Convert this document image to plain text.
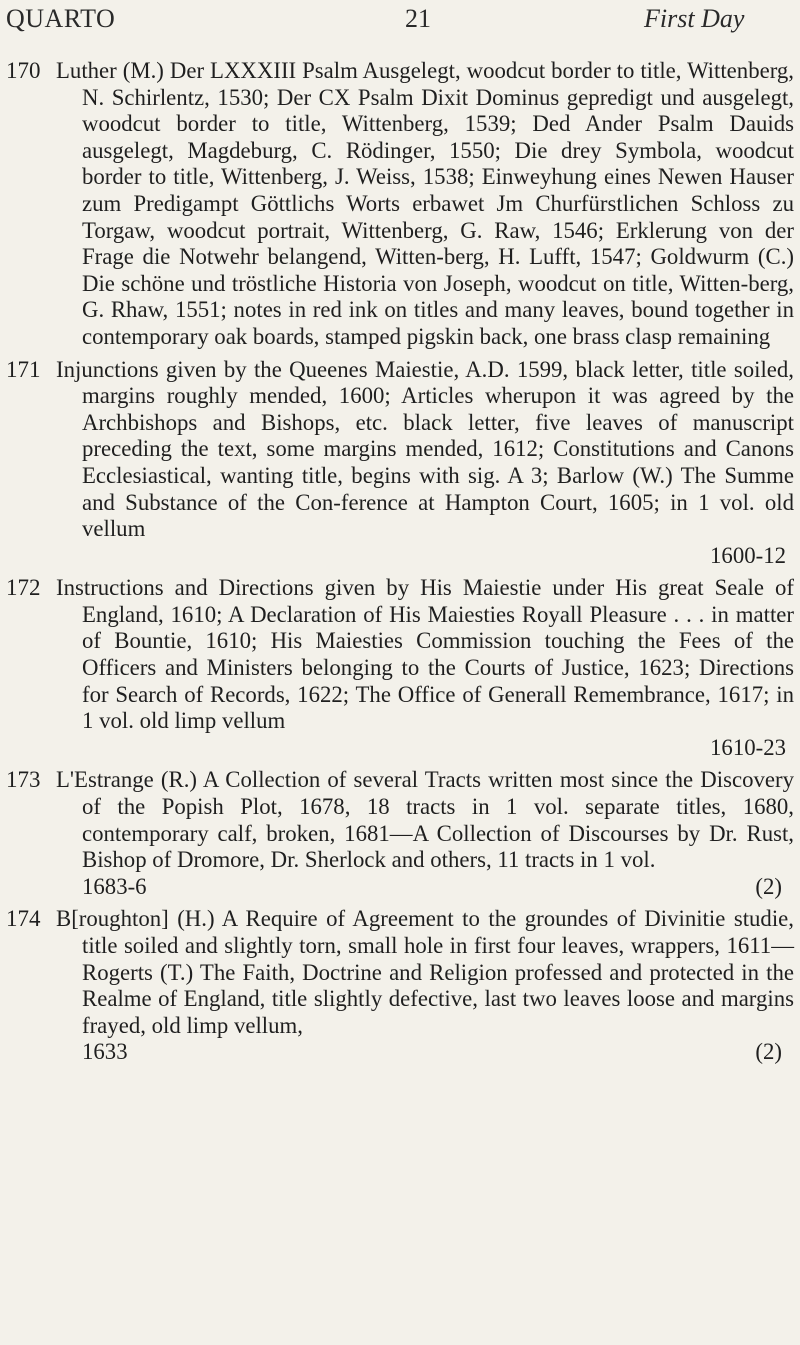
QUARTO	21	First Day
170 Luther (M.) Der LXXXIII Psalm Ausgelegt, woodcut border to title, Wittenberg, N. Schirlentz, 1530; Der CX Psalm Dixit Dominus gepredigt und ausgelegt, woodcut border to title, Wittenberg, 1539; Ded Ander Psalm Dauids ausgelegt, Magdeburg, C. Rödinger, 1550; Die drey Symbola, woodcut border to title, Wittenberg, J. Weiss, 1538; Einweyhung eines Newen Hauser zum Predigampt Göttlichs Worts erbawet Jm Churfürstlichen Schloss zu Torgaw, woodcut portrait, Wittenberg, G. Raw, 1546; Erklerung von der Frage die Notwehr belangend, Witten-berg, H. Lufft, 1547; Goldwurm (C.) Die schöne und tröstliche Historia von Joseph, woodcut on title, Witten-berg, G. Rhaw, 1551; notes in red ink on titles and many leaves, bound together in contemporary oak boards, stamped pigskin back, one brass clasp remaining
171 Injunctions given by the Queenes Maiestie, A.D. 1599, black letter, title soiled, margins roughly mended, 1600; Articles wherupon it was agreed by the Archbishops and Bishops, etc. black letter, five leaves of manuscript preceding the text, some margins mended, 1612; Constitutions and Canons Ecclesiastical, wanting title, begins with sig. A 3; Barlow (W.) The Summe and Substance of the Con-ference at Hampton Court, 1605; in 1 vol. old vellum
1600-12
172 Instructions and Directions given by His Maiestie under His great Seale of England, 1610; A Declaration of His Maiesties Royall Pleasure . . . in matter of Bountie, 1610; His Maiesties Commission touching the Fees of the Officers and Ministers belonging to the Courts of Justice, 1623; Directions for Search of Records, 1622; The Office of Generall Remembrance, 1617; in 1 vol. old limp vellum
1610-23
173 L'Estrange (R.) A Collection of several Tracts written most since the Discovery of the Popish Plot, 1678, 18 tracts in 1 vol. separate titles, 1680, contemporary calf, broken, 1681—A Collection of Discourses by Dr. Rust, Bishop of Dromore, Dr. Sherlock and others, 11 tracts in 1 vol.
1683-6	(2)
174 B[roughton] (H.) A Require of Agreement to the groundes of Divinitie studie, title soiled and slightly torn, small hole in first four leaves, wrappers, 1611—Rogerts (T.) The Faith, Doctrine and Religion professed and protected in the Realme of England, title slightly defective, last two leaves loose and margins frayed, old limp vellum,
1633	(2)
